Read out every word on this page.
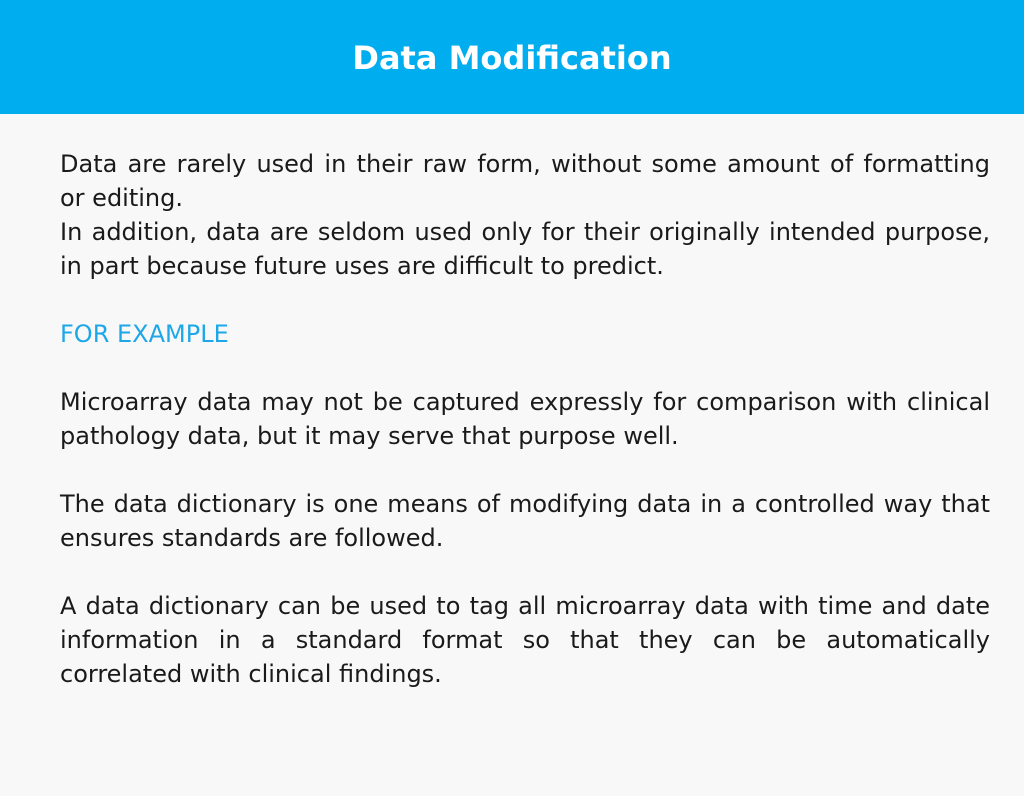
Data Modification

Data are rarely used in their raw form, without some amount of formatting or editing.

In addition, data are seldom used only for their originally intended purpose, in part because future uses are difficult to predict.

FOR EXAMPLE

Microarray data may not be captured expressly for comparison with clinical pathology data, but it may serve that purpose well.

The data dictionary is one means of modifying data in a controlled way that ensures standards are followed.

A data dictionary can be used to tag all microarray data with time and date information in a standard format so that they can be automatically correlated with clinical findings.
